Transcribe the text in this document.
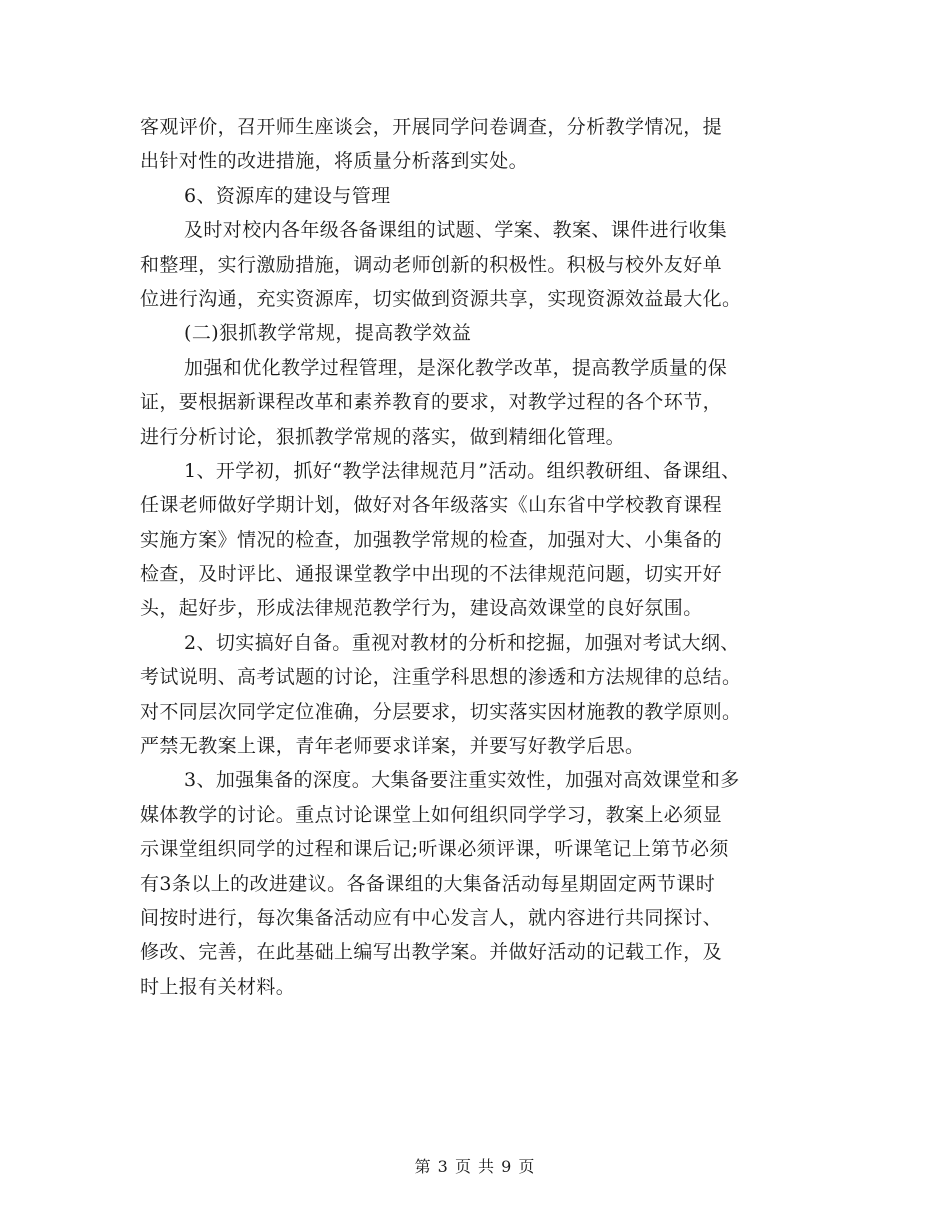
客观评价，召开师生座谈会，开展同学问卷调查，分析教学情况，提
出针对性的改进措施，将质量分析落到实处。
6、资源库的建设与管理
及时对校内各年级各备课组的试题、学案、教案、课件进行收集
和整理，实行激励措施，调动老师创新的积极性。积极与校外友好单
位进行沟通，充实资源库，切实做到资源共享，实现资源效益最大化。
(二)狠抓教学常规，提高教学效益
加强和优化教学过程管理，是深化教学改革，提高教学质量的保
证，要根据新课程改革和素养教育的要求，对教学过程的各个环节，
进行分析讨论，狠抓教学常规的落实，做到精细化管理。
1、开学初，抓好“教学法律规范月”活动。组织教研组、备课组、
任课老师做好学期计划，做好对各年级落实《山东省中学校教育课程
实施方案》情况的检查，加强教学常规的检查，加强对大、小集备的
检查，及时评比、通报课堂教学中出现的不法律规范问题，切实开好
头，起好步，形成法律规范教学行为，建设高效课堂的良好氛围。
2、切实搞好自备。重视对教材的分析和挖掘，加强对考试大纲、
考试说明、高考试题的讨论，注重学科思想的渗透和方法规律的总结。
对不同层次同学定位准确，分层要求，切实落实因材施教的教学原则。
严禁无教案上课，青年老师要求详案，并要写好教学后思。
3、加强集备的深度。大集备要注重实效性，加强对高效课堂和多
媒体教学的讨论。重点讨论课堂上如何组织同学学习，教案上必须显
示课堂组织同学的过程和课后记;听课必须评课，听课笔记上第节必须
有3条以上的改进建议。各备课组的大集备活动每星期固定两节课时
间按时进行，每次集备活动应有中心发言人，就内容进行共同探讨、
修改、完善，在此基础上编写出教学案。并做好活动的记载工作，及
时上报有关材料。
第 3 页 共 9 页
